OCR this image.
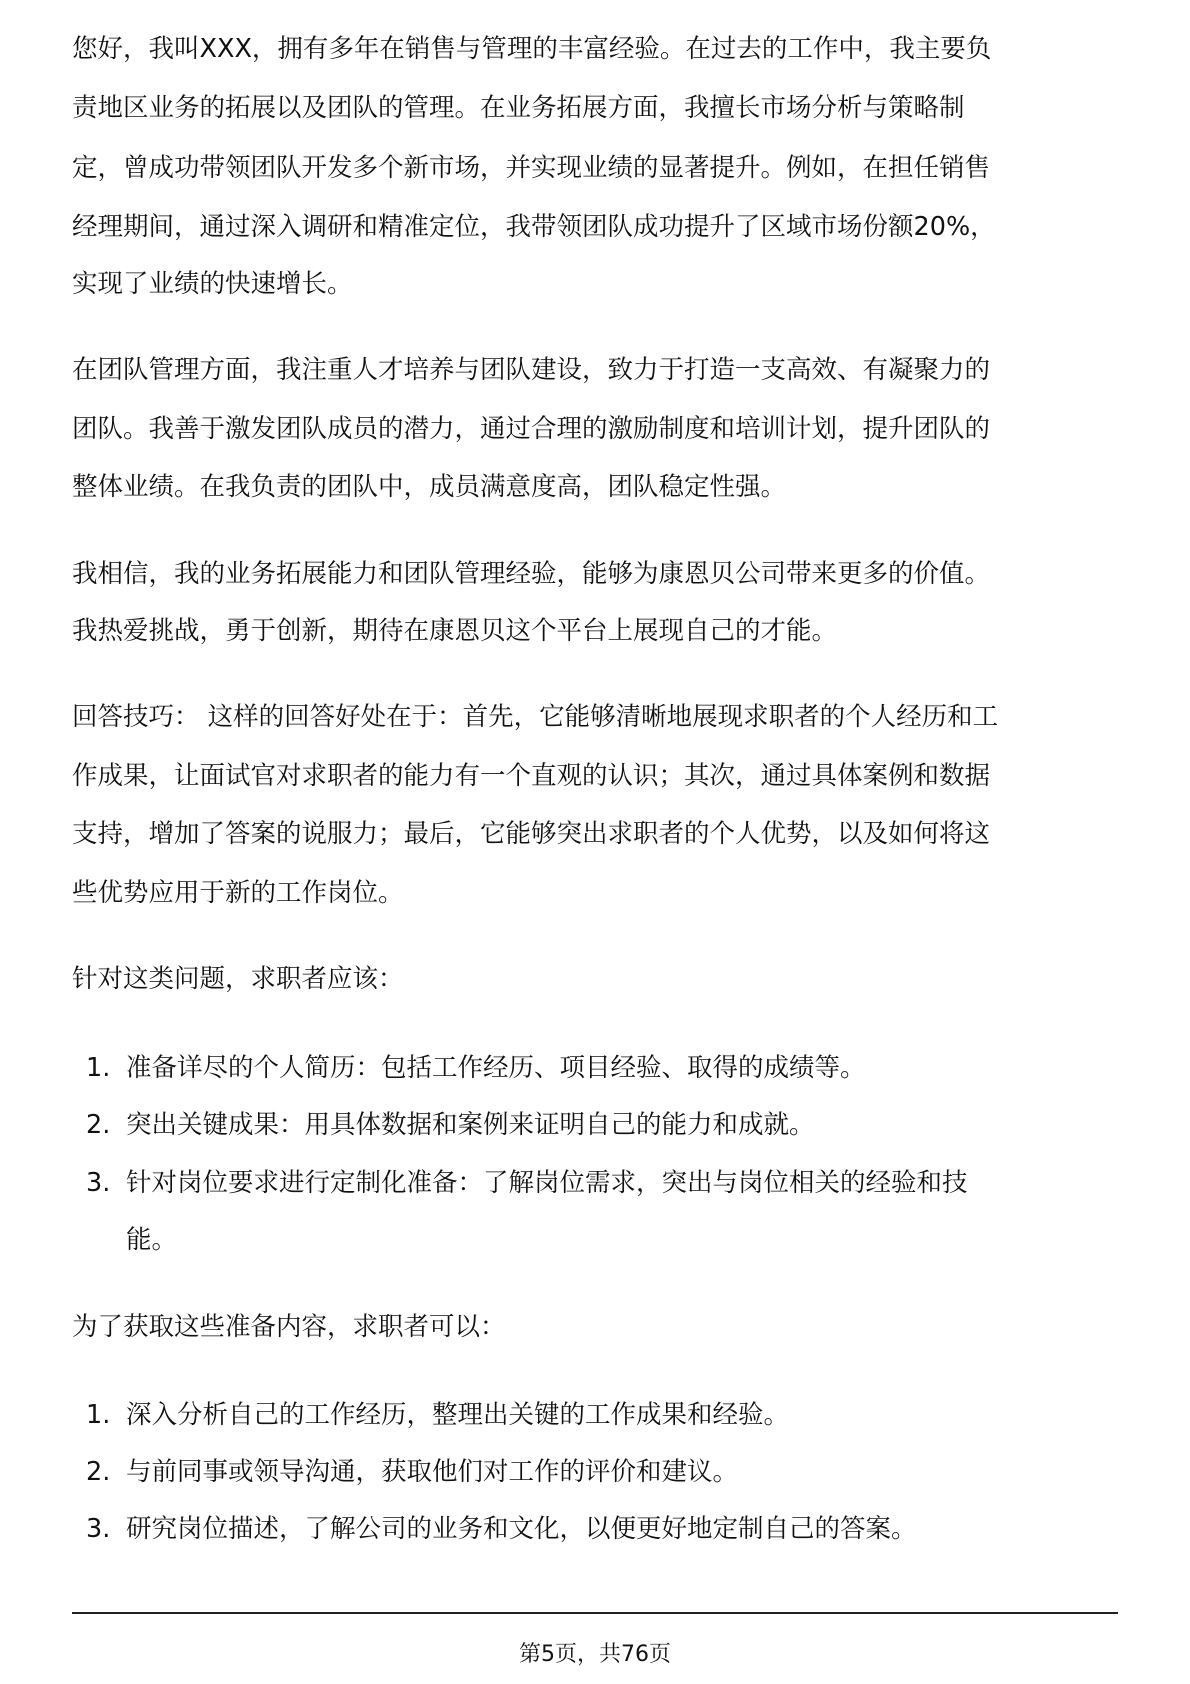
您好，我叫XXX，拥有多年在销售与管理的丰富经验。在过去的工作中，我主要负
责地区业务的拓展以及团队的管理。在业务拓展方面，我擅长市场分析与策略制
定，曾成功带领团队开发多个新市场，并实现业绩的显著提升。例如，在担任销售
经理期间，通过深入调研和精准定位，我带领团队成功提升了区域市场份额20%，
实现了业绩的快速增长。
在团队管理方面，我注重人才培养与团队建设，致力于打造一支高效、有凝聚力的
团队。我善于激发团队成员的潜力，通过合理的激励制度和培训计划，提升团队的
整体业绩。在我负责的团队中，成员满意度高，团队稳定性强。
我相信，我的业务拓展能力和团队管理经验，能够为康恩贝公司带来更多的价值。
我热爱挑战，勇于创新，期待在康恩贝这个平台上展现自己的才能。
回答技巧： 这样的回答好处在于：首先，它能够清晰地展现求职者的个人经历和工
作成果，让面试官对求职者的能力有一个直观的认识；其次，通过具体案例和数据
支持，增加了答案的说服力；最后，它能够突出求职者的个人优势，以及如何将这
些优势应用于新的工作岗位。
针对这类问题，求职者应该：
1. 准备详尽的个人简历：包括工作经历、项目经验、取得的成绩等。
2. 突出关键成果：用具体数据和案例来证明自己的能力和成就。
3. 针对岗位要求进行定制化准备：了解岗位需求，突出与岗位相关的经验和技
能。
为了获取这些准备内容，求职者可以：
1. 深入分析自己的工作经历，整理出关键的工作成果和经验。
2. 与前同事或领导沟通，获取他们对工作的评价和建议。
3. 研究岗位描述，了解公司的业务和文化，以便更好地定制自己的答案。
第5页，共76页
